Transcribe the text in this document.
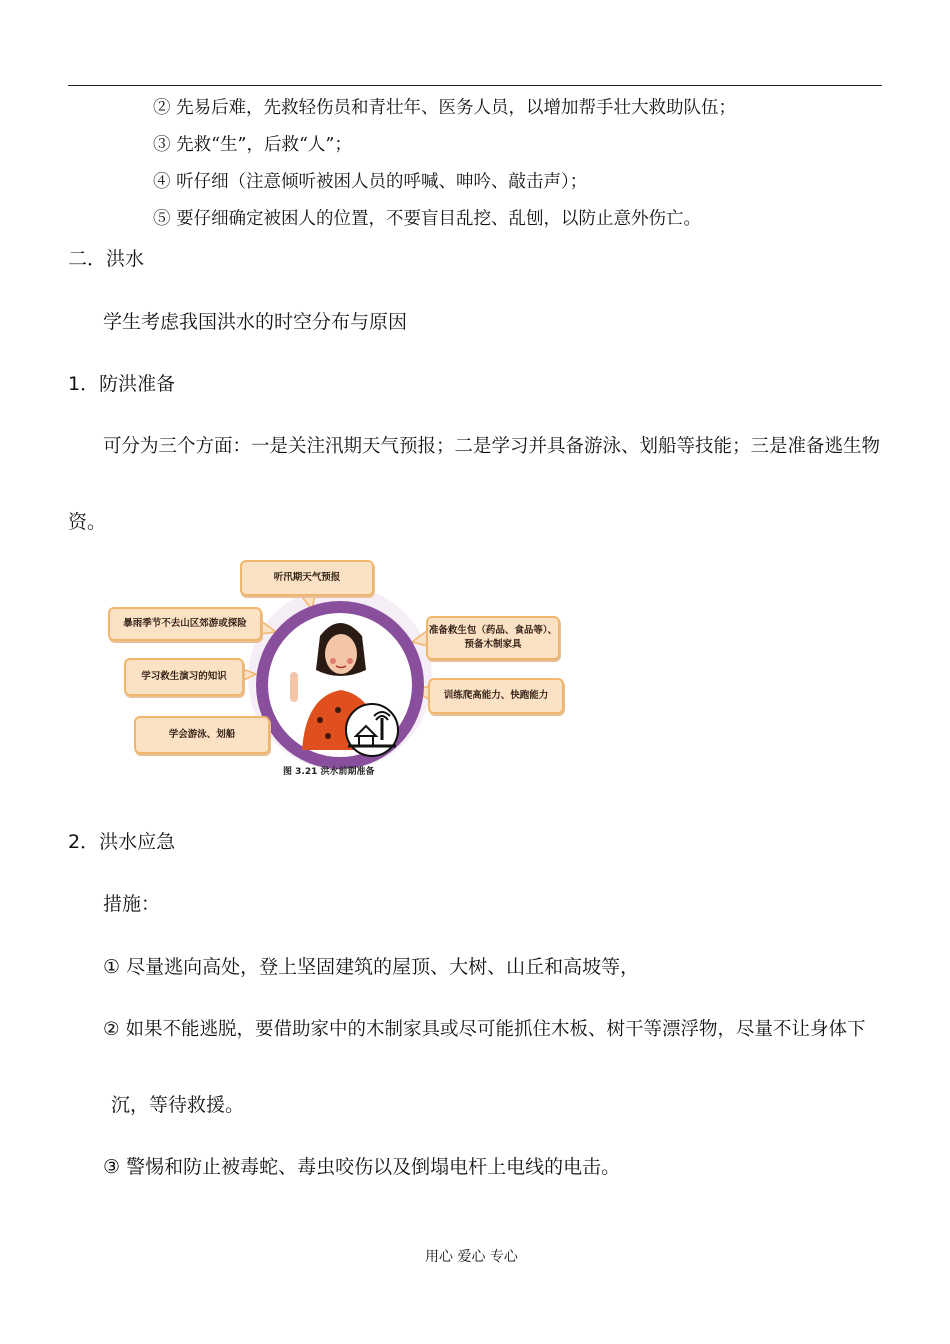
② 先易后难，先救轻伤员和青壮年、医务人员，以增加帮手壮大救助队伍；
③ 先救“生”，后救“人”；
④ 听仔细（注意倾听被困人员的呼喊、呻吟、敲击声）；
⑤ 要仔细确定被困人的位置，不要盲目乱挖、乱刨，以防止意外伤亡。
二．洪水
学生考虑我国洪水的时空分布与原因
1．防洪准备
可分为三个方面：一是关注汛期天气预报；二是学习并具备游泳、划船等技能；三是准备逃生物
资。
听汛期天气预报
暴雨季节不去山区郊游或探险
学习救生演习的知识
学会游泳、划船
准备救生包（药品、食品等）、预备木制家具
训练爬高能力、快跑能力
图 3.21 洪水前期准备
2．洪水应急
措施：
① 尽量逃向高处，登上坚固建筑的屋顶、大树、山丘和高坡等，
② 如果不能逃脱，要借助家中的木制家具或尽可能抓住木板、树干等漂浮物，尽量不让身体下
沉，等待救援。
③ 警惕和防止被毒蛇、毒虫咬伤以及倒塌电杆上电线的电击。
用心 爱心 专心
